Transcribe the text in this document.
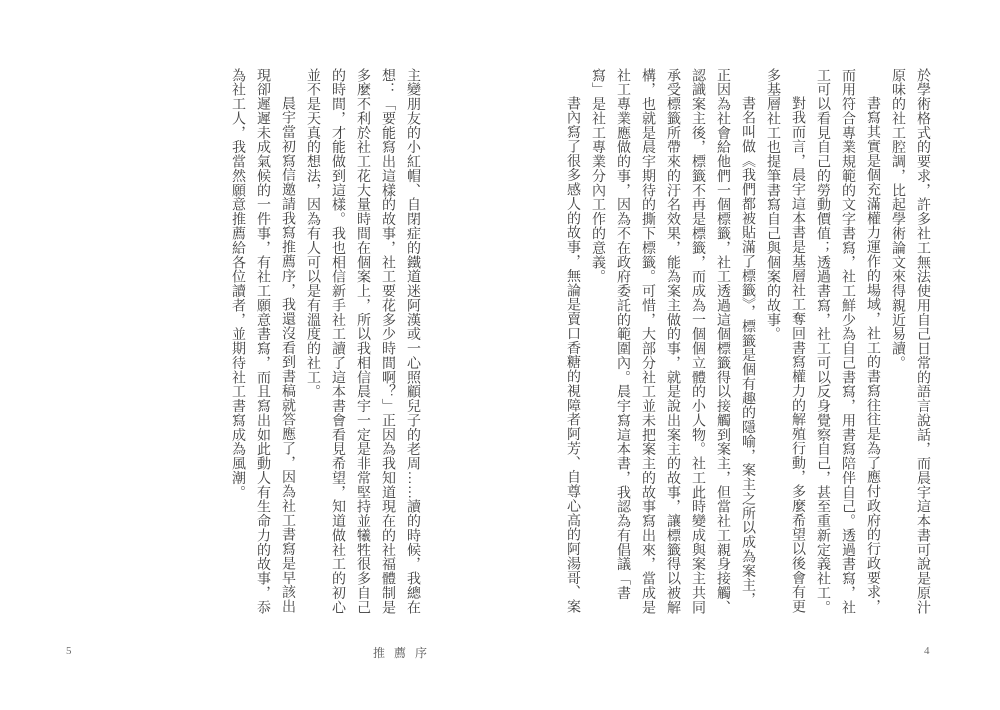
於學術格式的要求，許多社工無法使用自己日常的語言說話，而晨宇這本書可說是原汁原味的社工腔調，比起學術論文來得親近易讀。

書寫其實是個充滿權力運作的場域，社工的書寫往往是為了應付政府的行政要求，而用符合專業規範的文字書寫，社工鮮少為自己書寫，用書寫陪伴自己。透過書寫，社工可以看見自己的勞動價值；透過書寫，社工可以反身覺察自己，甚至重新定義社工。

對我而言，晨宇這本書是基層社工奪回書寫權力的解殖行動，多麼希望以後會有更多基層社工也提筆書寫自己與個案的故事。

書名叫做《我們都被貼滿了標籤》，標籤是個有趣的隱喻，案主之所以成為案主，正因為社會給他們一個標籤，社工透過這個標籤得以接觸到案主，但當社工親身接觸、認識案主後，標籤不再是標籤，而成為一個個立體的小人物。社工此時變成與案主共同承受標籤所帶來的汙名效果，能為案主做的事，就是說出案主的故事，讓標籤得以被解構，也就是晨宇期待的撕下標籤。可惜，大部分社工並未把案主的故事寫出來，當成是社工專業應做的事，因為不在政府委託的範圍內。晨宇寫這本書，我認為有倡議「書寫」是社工專業分內工作的意義。

書內寫了很多感人的故事，無論是賣口香糖的視障者阿芳、自尊心高的阿湯哥、案

主變朋友的小紅帽、自閉症的鐵道迷阿漢或一心照顧兒子的老周……讀的時候，我總在想：「要能寫出這樣的故事，社工要花多少時間啊？」正因為我知道現在的社福體制是多麼不利於社工花大量時間在個案上，所以我相信晨宇一定是非常堅持並犧牲很多自己的時間，才能做到這樣。我也相信新手社工讀了這本書會看見希望，知道做社工的初心並不是天真的想法，因為有人可以是有溫度的社工。

晨宇當初寫信邀請我寫推薦序，我還沒看到書稿就答應了，因為社工書寫是早該出現卻遲遲未成氣候的一件事，有社工願意書寫，而且寫出如此動人有生命力的故事，忝為社工人，我當然願意推薦給各位讀者，並期待社工書寫成為風潮。

推薦序
5	4
